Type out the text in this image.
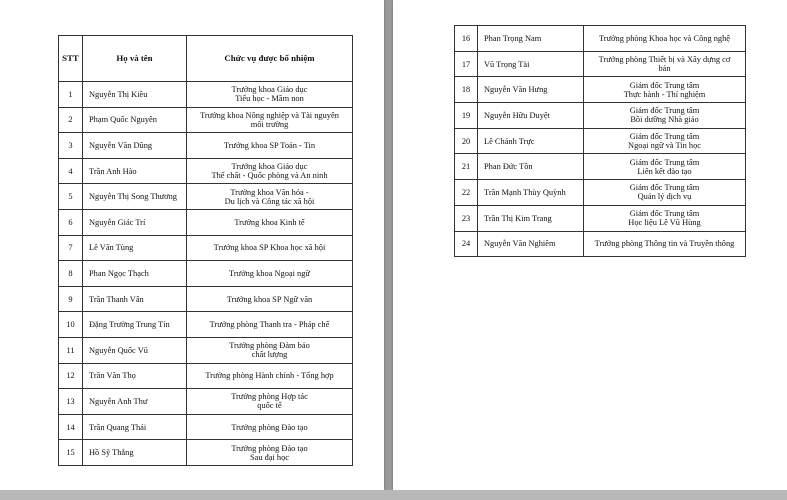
STT	Họ và tên	Chức vụ được bổ nhiệm
1	Nguyễn Thị Kiều	Trưởng khoa Giáo dục
Tiểu học - Mầm non
2	Phạm Quốc Nguyên	Trưởng khoa Nông nghiệp và Tài nguyên
môi trường
3	Nguyễn Văn Dũng	Trưởng khoa SP Toán - Tin
4	Trần Anh Hào	Trưởng khoa Giáo dục
Thể chất - Quốc phòng và An ninh
5	Nguyễn Thị Song Thương	Trưởng khoa Văn hóa -
Du lịch và Công tác xã hội
6	Nguyễn Giác Trí	Trưởng khoa Kinh tế
7	Lê Văn Tùng	Trưởng khoa SP Khoa học xã hội
8	Phan Ngọc Thạch	Trưởng khoa Ngoại ngữ
9	Trần Thanh Vân	Trưởng khoa SP Ngữ văn
10	Đặng Trường Trung Tín	Trưởng phòng Thanh tra - Pháp chế
11	Nguyễn Quốc Vũ	Trưởng phòng Đảm bảo
chất lượng
12	Trần Văn Thọ	Trưởng phòng Hành chính - Tổng hợp
13	Nguyễn Anh Thư	Trưởng phòng Hợp tác
quốc tế
14	Trần Quang Thái	Trưởng phòng Đào tạo
15	Hồ Sỹ Thắng	Trưởng phòng Đào tạo
Sau đại học
16	Phan Trọng Nam	Trưởng phòng Khoa học và Công nghệ
17	Vũ Trọng Tài	Trưởng phòng Thiết bị và Xây dựng cơ
bản
18	Nguyễn Văn Hưng	Giám đốc Trung tâm
Thực hành - Thí nghiệm
19	Nguyễn Hữu Duyệt	Giám đốc Trung tâm
Bồi dưỡng Nhà giáo
20	Lê Chánh Trực	Giám đốc Trung tâm
Ngoại ngữ và Tin học
21	Phan Đức Tồn	Giám đốc Trung tâm
Liên kết đào tạo
22	Trần Mạnh Thùy Quỳnh	Giám đốc Trung tâm
Quản lý dịch vụ
23	Trần Thị Kim Trang	Giám đốc Trung tâm
Học liệu Lê Vũ Hùng
24	Nguyễn Văn Nghiêm	Trưởng phòng Thông tin và Truyền thông
